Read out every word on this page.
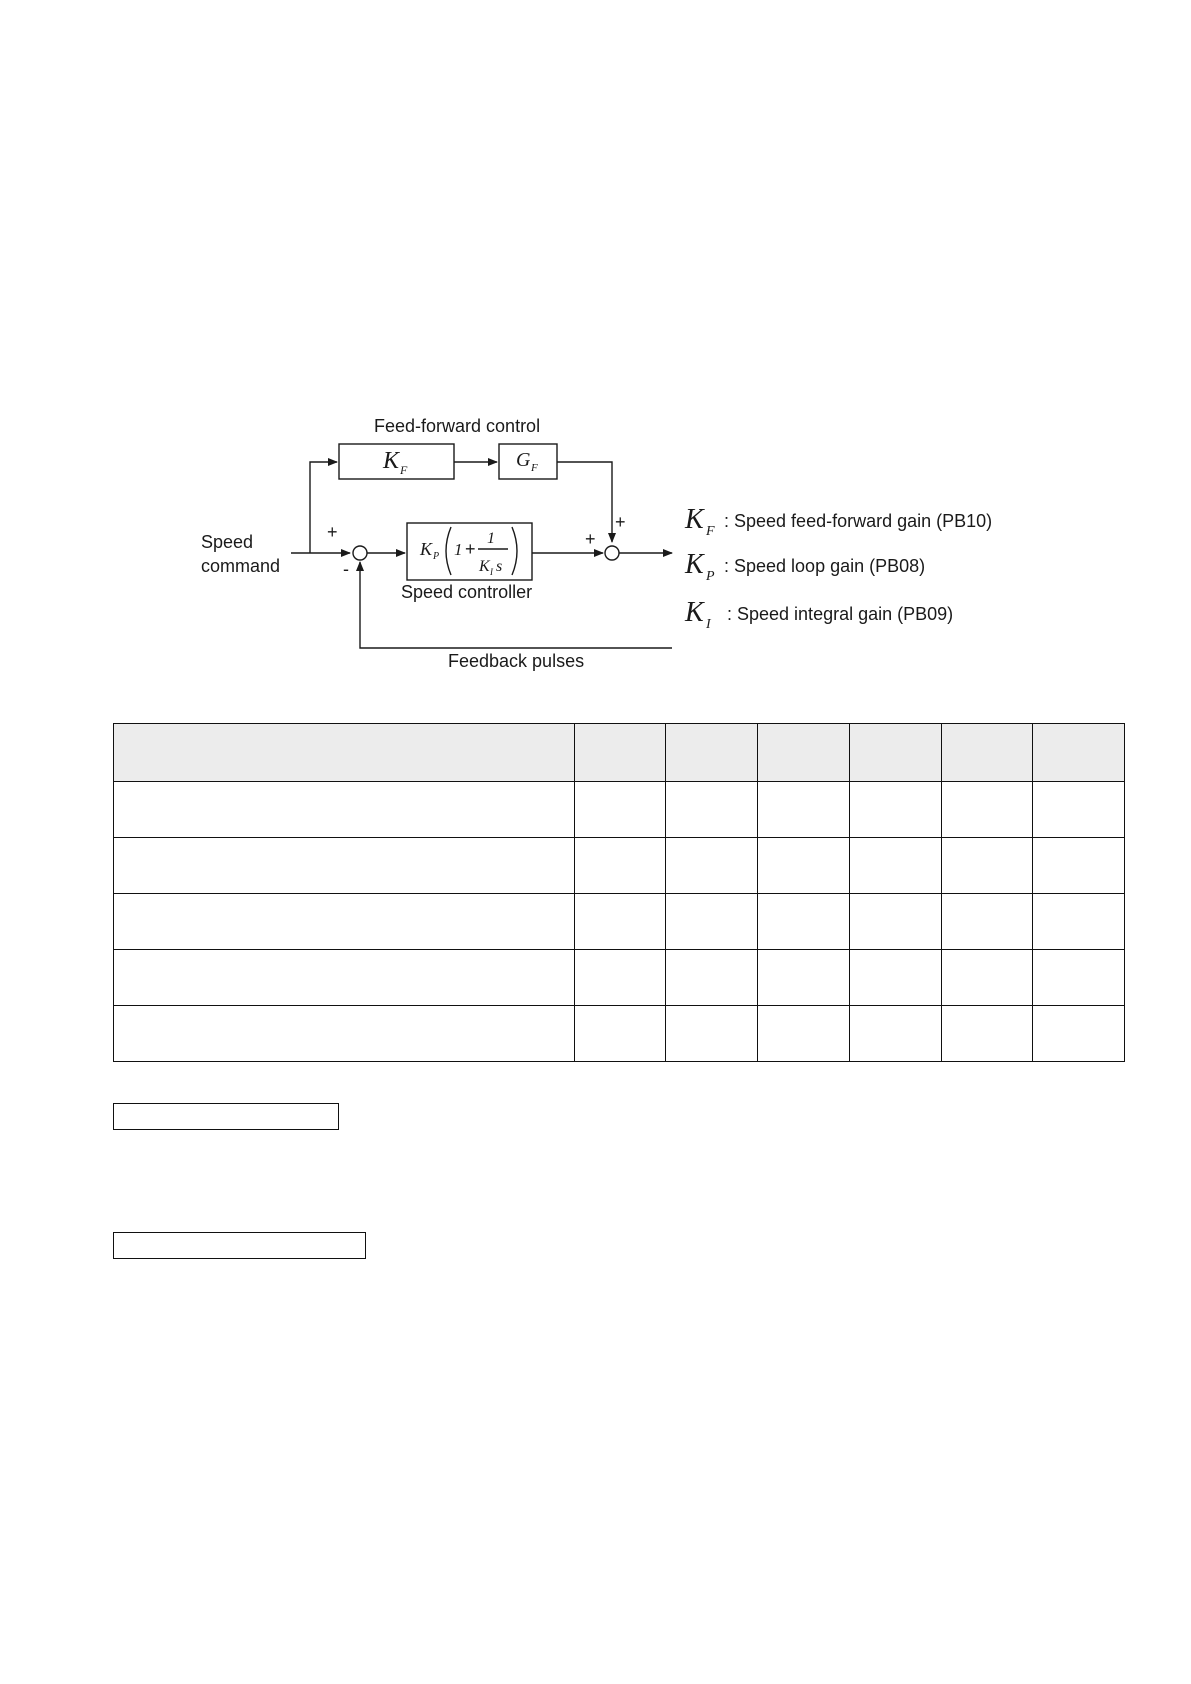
Feed-forward control
Speed
command
K F	G F
+
-
K P 1 +
1
K I s
Speed controller
+
+
Feedback pulses
K F
: Speed feed-forward gain (PB10)
K P
: Speed loop gain (PB08)
K I
: Speed integral gain (PB09)
